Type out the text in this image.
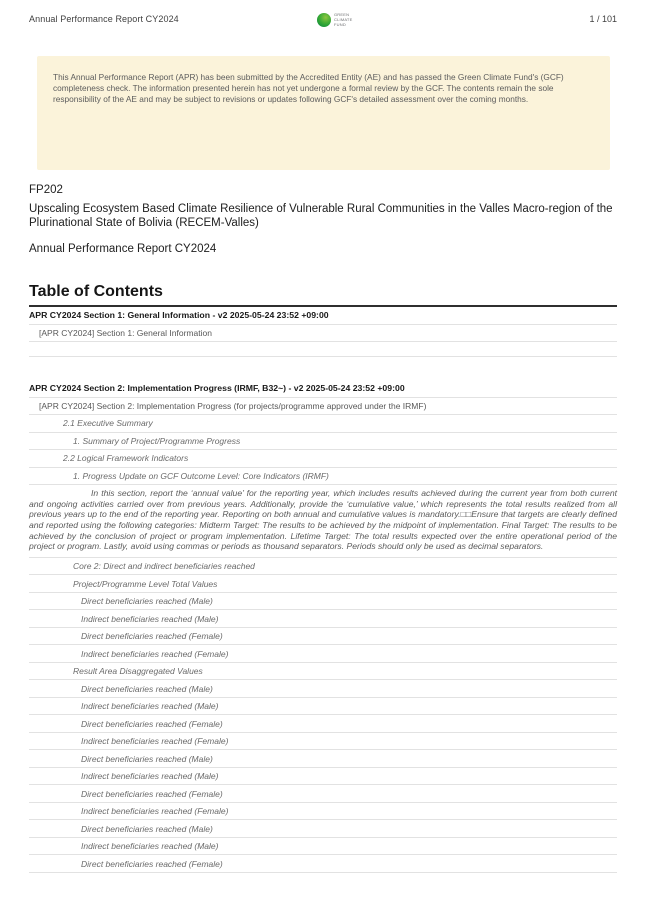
Annual Performance Report CY2024	GREEN
CLIMATE
FUND
1 / 101
This Annual Performance Report (APR) has been submitted by the Accredited Entity (AE) and has passed the Green Climate Fund's (GCF) completeness check. The information presented herein has not yet undergone a formal review by the GCF. The contents remain the sole responsibility of the AE and may be subject to revisions or updates following GCF's detailed assessment over the coming months.
FP202
Upscaling Ecosystem Based Climate Resilience of Vulnerable Rural Communities in the Valles Macro-region of the Plurinational State of Bolivia (RECEM-Valles)
Annual Performance Report CY2024
Table of Contents
APR CY2024 Section 1: General Information - v2 2025-05-24 23:52 +09:00
[APR CY2024] Section 1: General Information
APR CY2024 Section 2: Implementation Progress (IRMF, B32~) - v2 2025-05-24 23:52 +09:00
[APR CY2024] Section 2: Implementation Progress (for projects/programme approved under the IRMF)
2.1 Executive Summary
1. Summary of Project/Programme Progress
2.2 Logical Framework Indicators
1. Progress Update on GCF Outcome Level: Core Indicators (IRMF)
In this section, report the ‘annual value’ for the reporting year, which includes results achieved during the current year from both current and ongoing activities carried over from previous years. Additionally, provide the ‘cumulative value,’ which represents the total results realized from all previous years up to the end of the reporting year. Reporting on both annual and cumulative values is mandatory.□□Ensure that targets are clearly defined and reported using the following categories: Midterm Target: The results to be achieved by the midpoint of implementation. Final Target: The results to be achieved by the conclusion of project or program implementation. Lifetime Target: The total results expected over the entire operational period of the project or program. Lastly, avoid using commas or periods as thousand separators. Periods should only be used as decimal separators.
Core 2: Direct and indirect beneficiaries reached
Project/Programme Level Total Values
Direct beneficiaries reached (Male)
Indirect beneficiaries reached (Male)
Direct beneficiaries reached (Female)
Indirect beneficiaries reached (Female)
Result Area Disaggregated Values
Direct beneficiaries reached (Male)
Indirect beneficiaries reached (Male)
Direct beneficiaries reached (Female)
Indirect beneficiaries reached (Female)
Direct beneficiaries reached (Male)
Indirect beneficiaries reached (Male)
Direct beneficiaries reached (Female)
Indirect beneficiaries reached (Female)
Direct beneficiaries reached (Male)
Indirect beneficiaries reached (Male)
Direct beneficiaries reached (Female)
